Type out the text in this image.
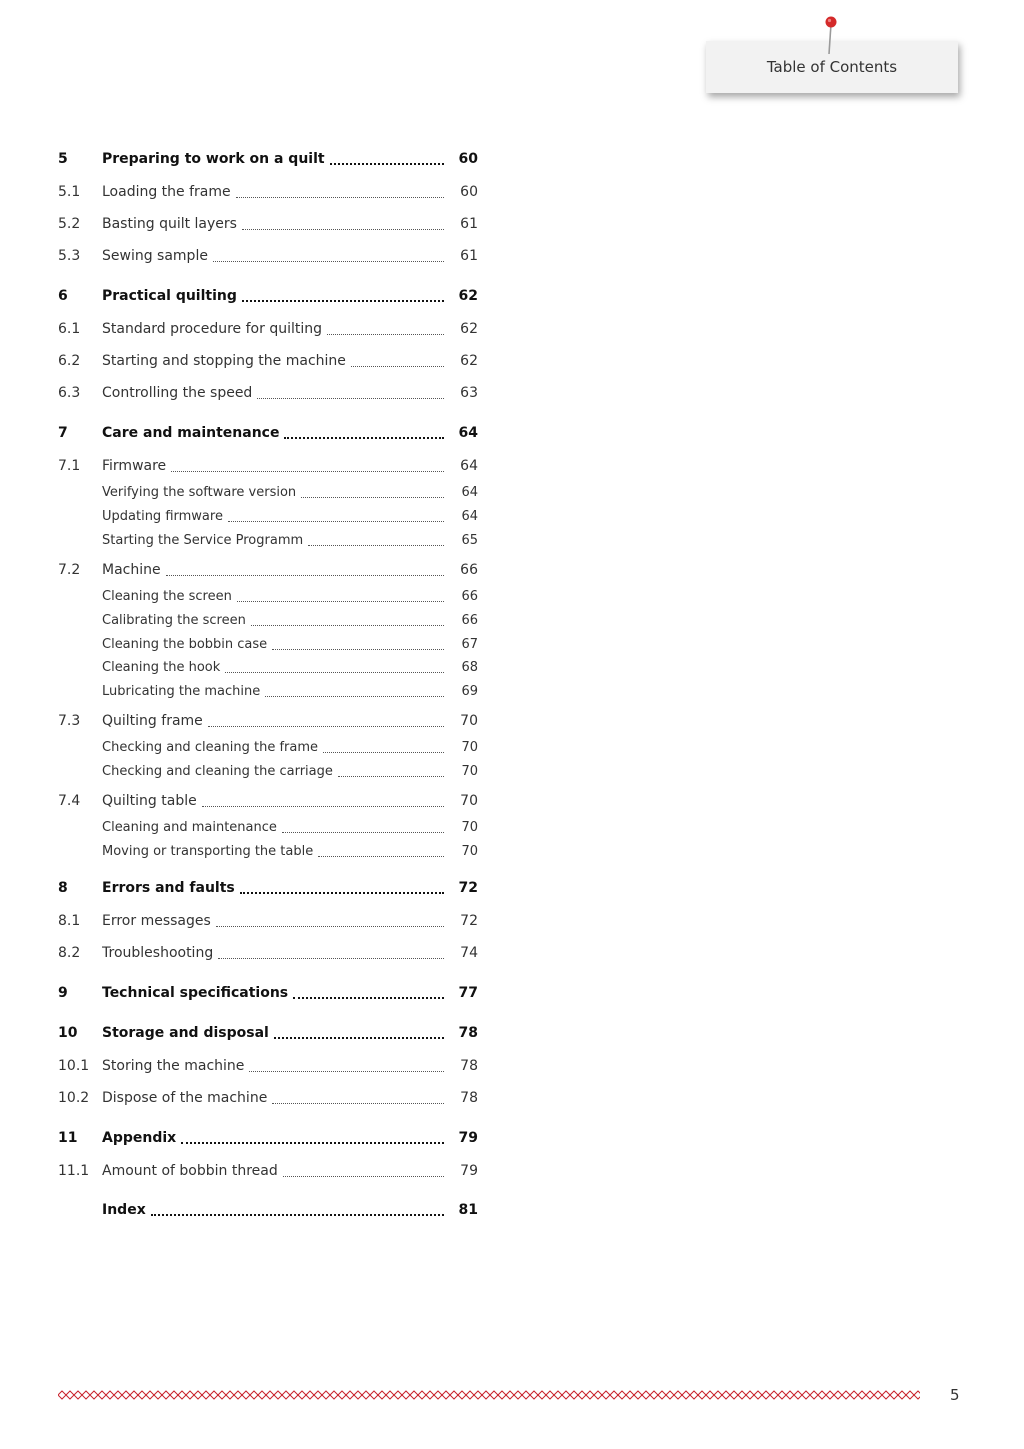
Table of Contents
5	Preparing to work on a quilt	60
5.1	Loading the frame	60
5.2	Basting quilt layers	61
5.3	Sewing sample	61
6	Practical quilting	62
6.1	Standard procedure for quilting	62
6.2	Starting and stopping the machine	62
6.3	Controlling the speed	63
7	Care and maintenance	64
7.1	Firmware	64
Verifying the software version	64
Updating firmware	64
Starting the Service Programm	65
7.2	Machine	66
Cleaning the screen	66
Calibrating the screen	66
Cleaning the bobbin case	67
Cleaning the hook	68
Lubricating the machine	69
7.3	Quilting frame	70
Checking and cleaning the frame	70
Checking and cleaning the carriage	70
7.4	Quilting table	70
Cleaning and maintenance	70
Moving or transporting the table	70
8	Errors and faults	72
8.1	Error messages	72
8.2	Troubleshooting	74
9	Technical specifications	77
10	Storage and disposal	78
10.1 Storing the machine	78
10.2 Dispose of the machine	78
11	Appendix	79
11.1 Amount of bobbin thread	79
Index	81
5
